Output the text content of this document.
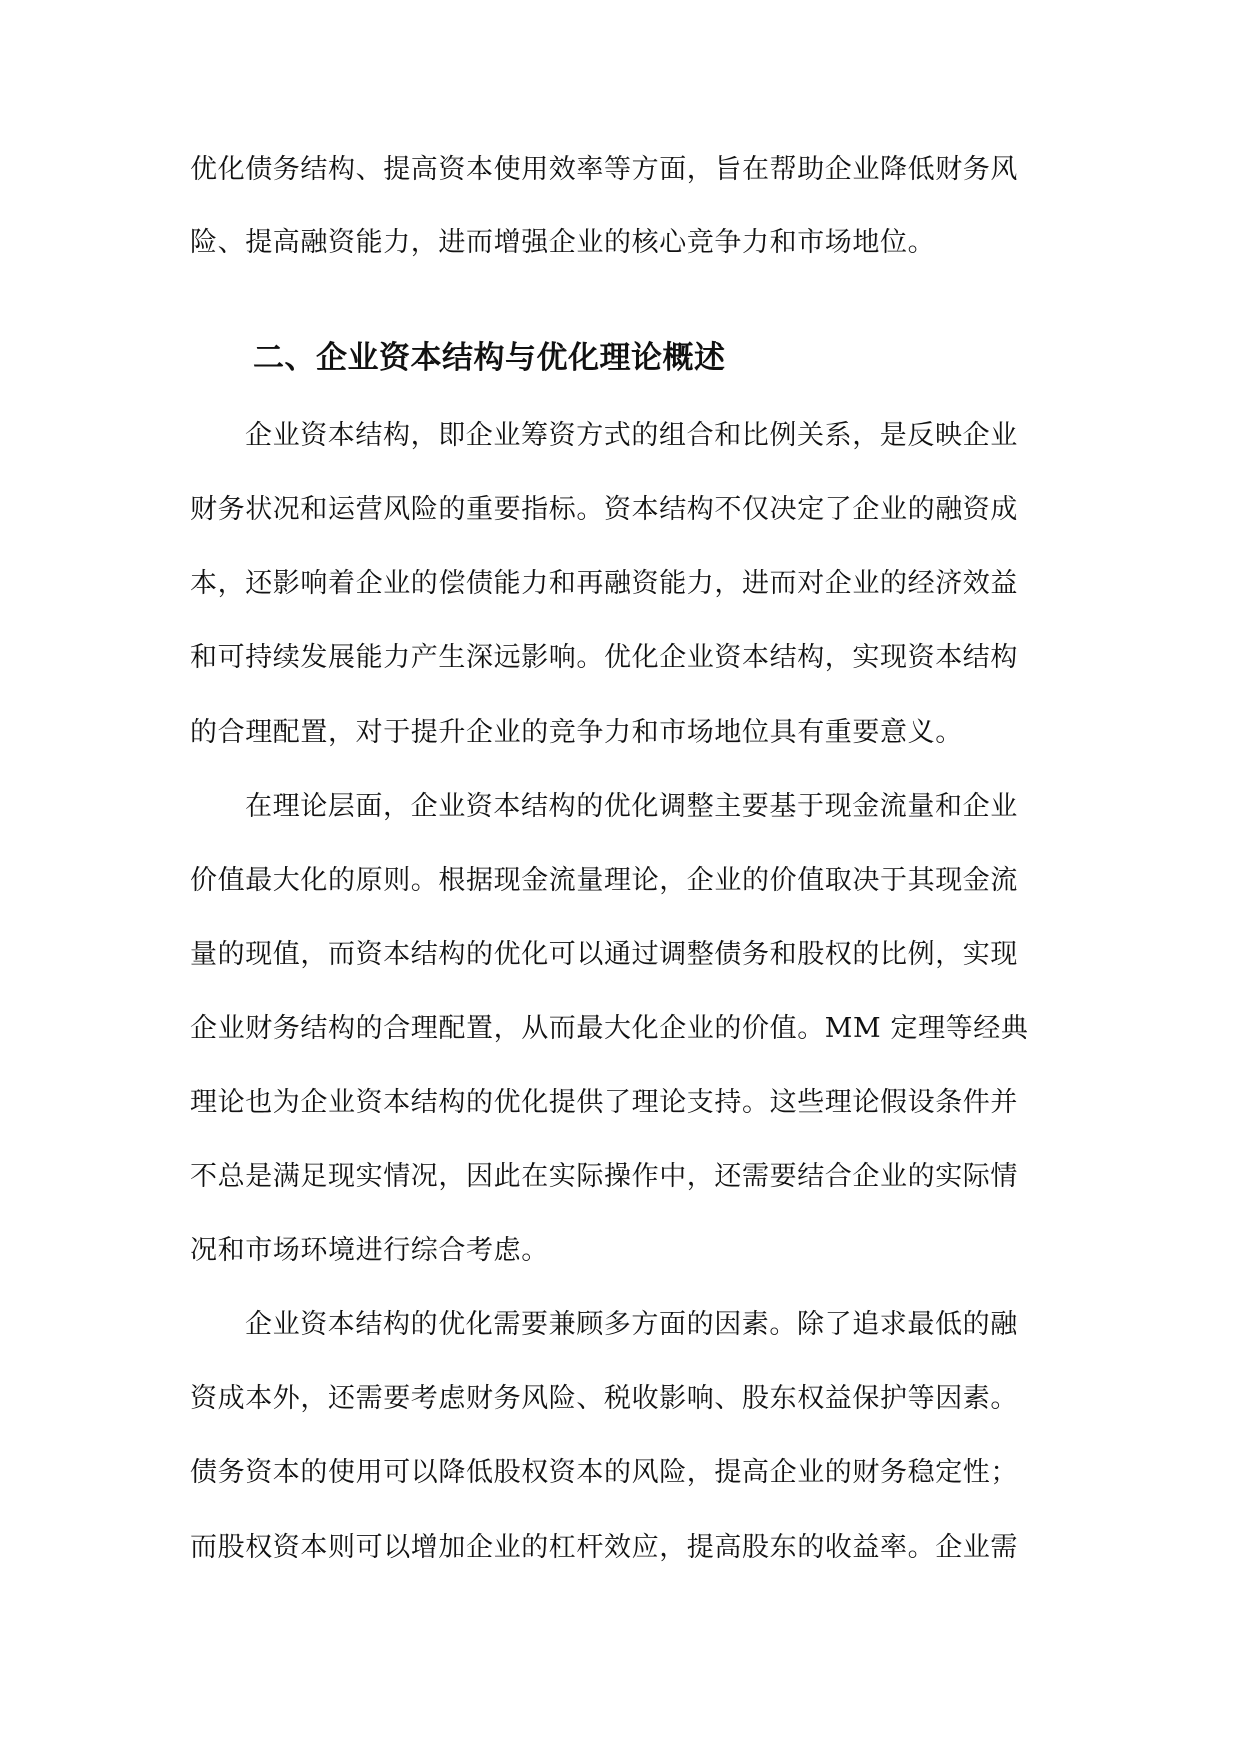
优化债务结构、提高资本使用效率等方面，旨在帮助企业降低财务风
险、提高融资能力，进而增强企业的核心竞争力和市场地位。
二、企业资本结构与优化理论概述
企业资本结构，即企业筹资方式的组合和比例关系，是反映企业
财务状况和运营风险的重要指标。资本结构不仅决定了企业的融资成
本，还影响着企业的偿债能力和再融资能力，进而对企业的经济效益
和可持续发展能力产生深远影响。优化企业资本结构，实现资本结构
的合理配置，对于提升企业的竞争力和市场地位具有重要意义。
在理论层面，企业资本结构的优化调整主要基于现金流量和企业
价值最大化的原则。根据现金流量理论，企业的价值取决于其现金流
量的现值，而资本结构的优化可以通过调整债务和股权的比例，实现
企业财务结构的合理配置，从而最大化企业的价值。MM 定理等经典
理论也为企业资本结构的优化提供了理论支持。这些理论假设条件并
不总是满足现实情况，因此在实际操作中，还需要结合企业的实际情
况和市场环境进行综合考虑。
企业资本结构的优化需要兼顾多方面的因素。除了追求最低的融
资成本外，还需要考虑财务风险、税收影响、股东权益保护等因素。
债务资本的使用可以降低股权资本的风险，提高企业的财务稳定性；
而股权资本则可以增加企业的杠杆效应，提高股东的收益率。企业需
